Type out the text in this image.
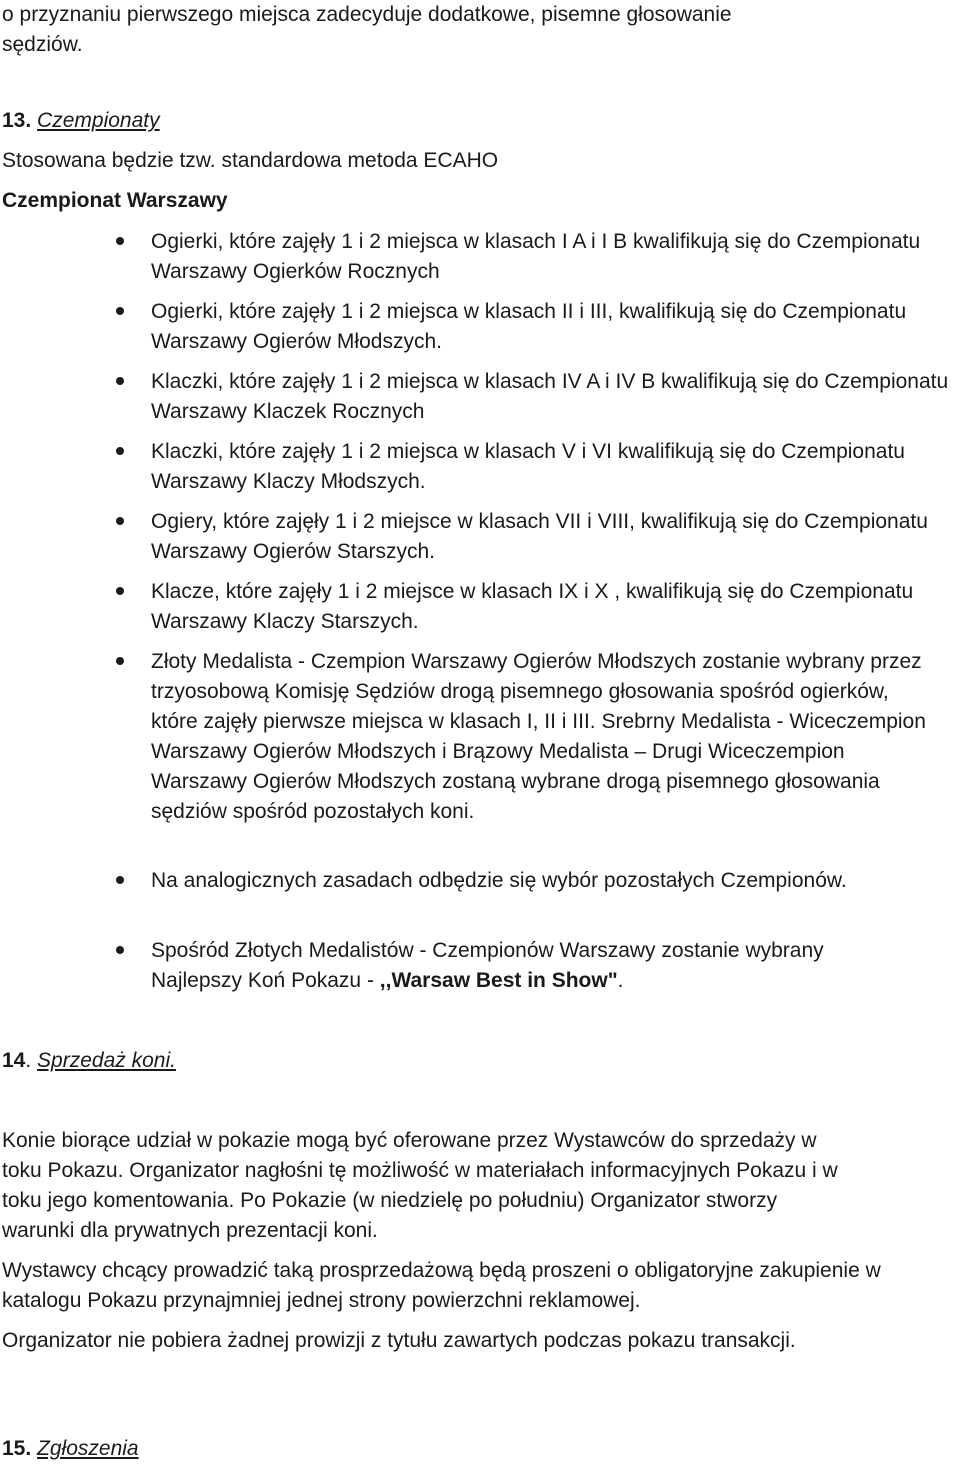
o przyznaniu pierwszego miejsca zadecyduje dodatkowe, pisemne głosowanie
sędziów.
13. Czempionaty
Stosowana będzie tzw. standardowa metoda ECAHO
Czempionat Warszawy
Ogierki, które zajęły 1 i 2 miejsca w klasach I A i I B kwalifikują się do Czempionatu Warszawy Ogierków Rocznych
Ogierki, które zajęły 1 i 2 miejsca w klasach II i III, kwalifikują się do Czempionatu Warszawy Ogierów Młodszych.
Klaczki, które zajęły 1 i 2 miejsca w klasach IV A i IV B kwalifikują się do Czempionatu Warszawy Klaczek Rocznych
Klaczki, które zajęły 1 i 2 miejsca w klasach V i VI kwalifikują się do Czempionatu Warszawy Klaczy Młodszych.
Ogiery, które zajęły 1 i 2 miejsce w klasach VII i VIII, kwalifikują się do Czempionatu Warszawy Ogierów Starszych.
Klacze, które zajęły 1 i 2 miejsce w klasach IX i X , kwalifikują się do Czempionatu Warszawy Klaczy Starszych.
Złoty Medalista - Czempion Warszawy Ogierów Młodszych zostanie wybrany przez trzyosobową Komisję Sędziów drogą pisemnego głosowania spośród ogierków, które zajęły pierwsze miejsca w klasach I, II i III. Srebrny Medalista - Wiceczempion Warszawy Ogierów Młodszych i Brązowy Medalista – Drugi Wiceczempion Warszawy Ogierów Młodszych zostaną wybrane drogą pisemnego głosowania sędziów spośród pozostałych koni.
Na analogicznych zasadach odbędzie się wybór pozostałych Czempionów.
Spośród Złotych Medalistów - Czempionów Warszawy zostanie wybrany Najlepszy Koń Pokazu - ,,Warsaw Best in Show".
14. Sprzedaż koni.
Konie biorące udział w pokazie mogą być oferowane przez Wystawców do sprzedaży w toku Pokazu. Organizator nagłośni tę możliwość w materiałach informacyjnych Pokazu i w toku jego komentowania. Po Pokazie (w niedzielę po południu) Organizator stworzy warunki dla prywatnych prezentacji koni.
Wystawcy chcący prowadzić taką prosprzedażową będą proszeni o obligatoryjne zakupienie w katalogu Pokazu przynajmniej jednej strony powierzchni reklamowej.
Organizator nie pobiera żadnej prowizji z tytułu zawartych podczas pokazu transakcji.
15. Zgłoszenia
